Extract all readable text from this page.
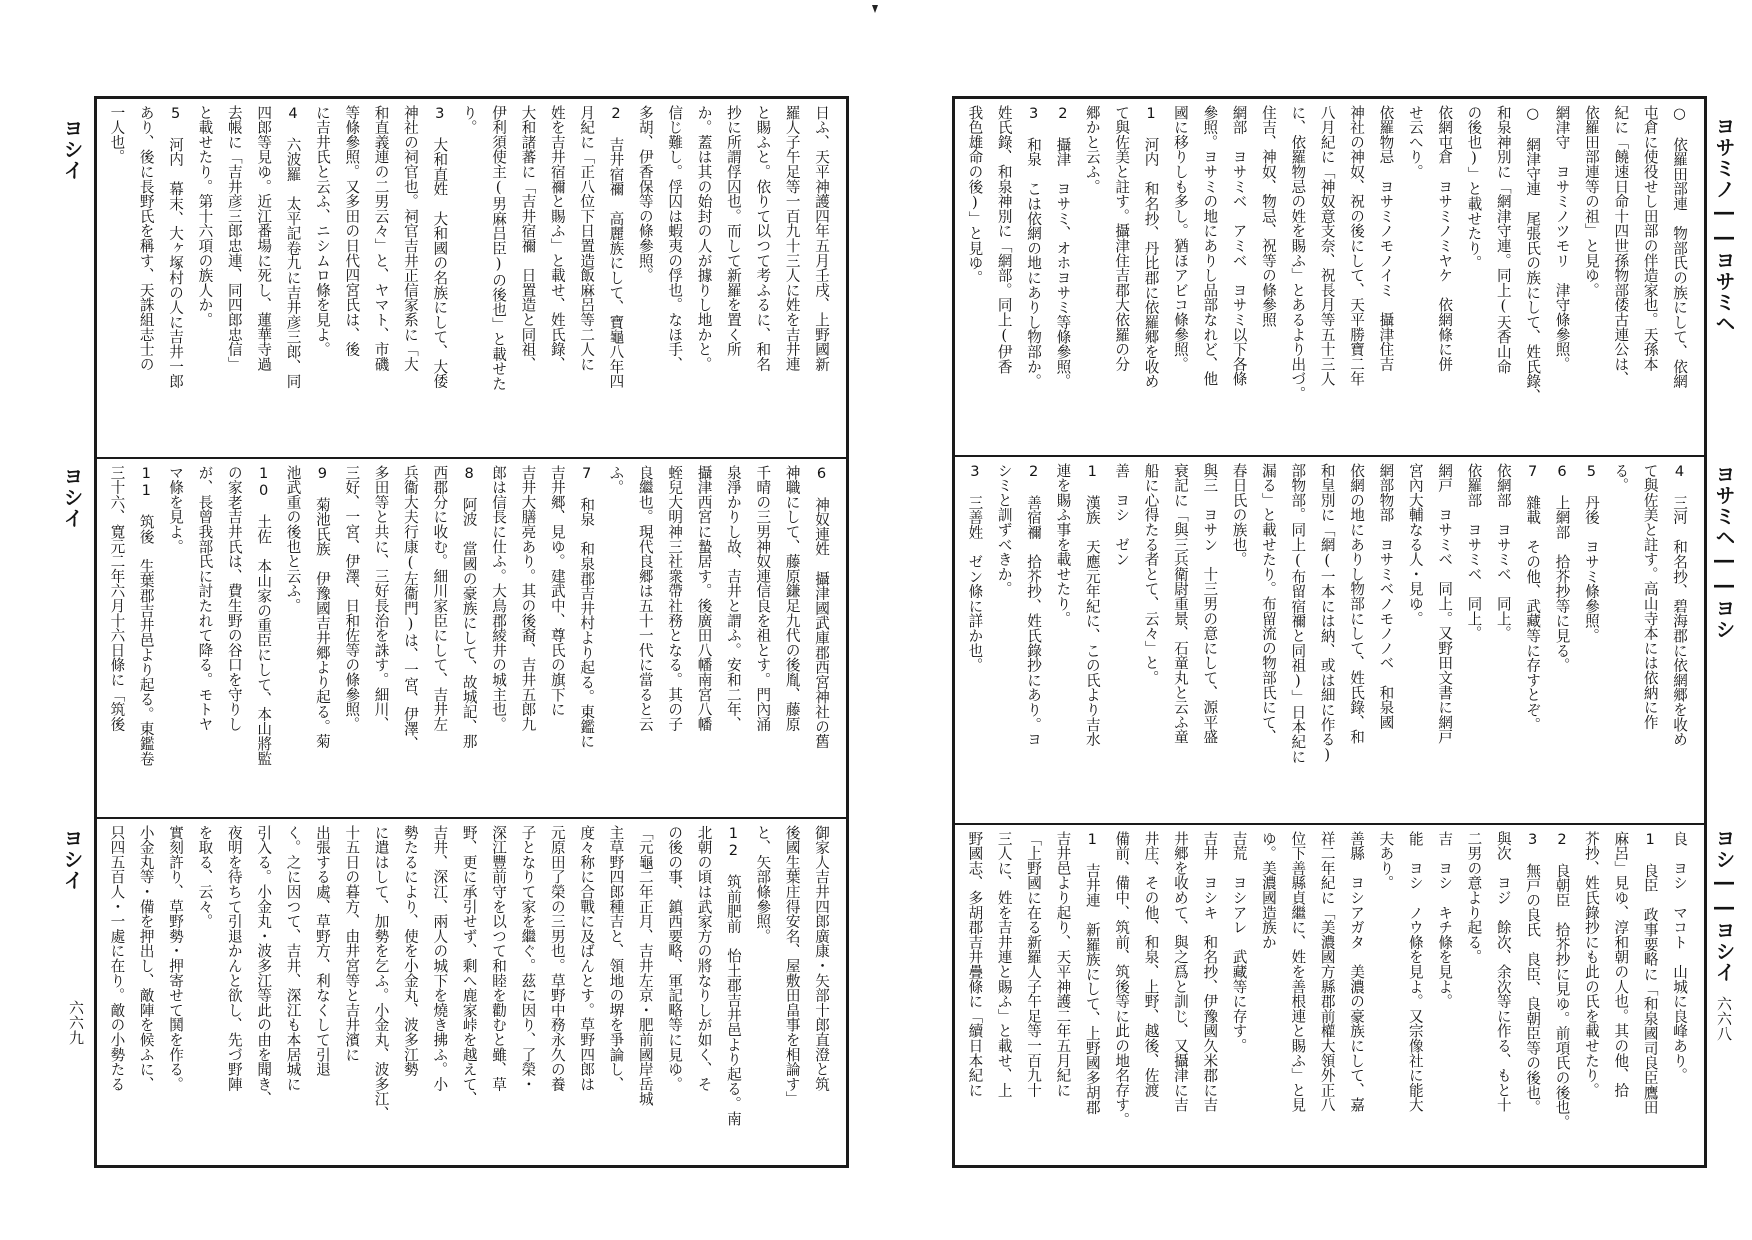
ヨシイ
ヨシイ
ヨシイ
六六九
日ふ、天平神護四年五月壬戌、上野國新
羅人子午足等一百九十三人に姓を吉井連
と賜ふと。依りて以つて考ふるに、和名
抄に所謂俘囚也。而して新羅を置く所
か。蓋は其の始封の人が據りし地かと。
信じ難し。俘囚は蝦夷の俘也。なほ手、
多胡、伊香保等の條參照。
2　吉井宿禰　高麗族にして、寶龜八年四
月紀に「正八位下日置造飯麻呂等二人に
姓を吉井宿禰と賜ふ」と載せ、姓氏錄、
大和諸蕃に「吉井宿禰　日置造と同祖、
伊利須使主(男麻吕臣)の後也」と載せた
り。
3　大和直姓　大和國の名族にして、大倭
神社の祠官也。祠官吉井正信家系に「大
和直義連の二男云々」と、ヤマト、市磯
等條參照。又多田の日代四宮氏は、後
に吉井氏と云ふ、ニシムロ條を見よ。
4　六波羅　太平記卷九に吉井彦三郎、同
四郎等見ゆ。近江番場に死し、蓮華寺過
去帳に「吉井彦三郎忠連、同四郎忠信」
と載せたり。第十六項の族人か。
5　河内　幕末、大ヶ塚村の人に吉井一郎
あり、後に長野氏を稱す、天誅組志士の
一人也。
6　神奴連姓　攝津國武庫郡西宮神社の舊
神職にして、藤原鎌足九代の後胤、藤原
千晴の三男神奴連信良を祖とす。門內涌
泉淨かりし故、吉井と謂ふ。安和二年、
攝津西宮に蟄居す。後廣田八幡南宮八幡
蛭兒大明神三社衆帶社務となる。其の子
良繼也。現代良郷は五十一代に當ると云
ふ。
7　和泉　和泉郡吉井村より起る。東鑑に
吉井郷、見ゆ。建武中、尊氏の旗下に
吉井大膳亮あり。其の後裔、吉井五郎九
郎は信長に仕ふ。大鳥郡綾井の城主也。
8　阿波　當國の豪族にして、故城記、那
西郡分に收む。細川家臣にして、吉井左
兵衞大夫行康(左衞門)は、一宮、伊澤、
多田等と共に、三好長治を誅す。細川、
三好、一宮、伊澤、日和佐等の條參照。
9　菊池氏族　伊豫國吉井郷より起る。菊
池武重の後也と云ふ。
10　土佐　本山家の重臣にして、本山將監
の家老吉井氏は、費生野の谷口を守りし
が、長曾我部氏に討たれて降る。モトヤ
マ條を見よ。
11　筑後　生葉郡吉井邑より起る。東鑑卷
三十六、寛元二年六月十六日條に「筑後
御家人吉井四郎廣康・矢部十郎直澄と筑
後國生葉庄得安名、屋敷田畠事を相論す」
と、矢部條參照。
12　筑前肥前　怡土郡吉井邑より起る。南
北朝の頃は武家方の將なりしが如く、そ
の後の事、鎮西要略、軍記略等に見ゆ。
「元龜二年正月、吉井左京・肥前國岸岳城
主草野四郎種吉と、領地の堺を爭論し、
度々称に合戰に及ばんとす。草野四郎は
元原田了榮の三男也。草野中務永久の養
子となりて家を繼ぐ。茲に因り、了榮・
深江豐前守を以つて和睦を勸むと雖、草
野、更に承引せず、剩へ鹿家峠を越えて、
吉井、深江、兩人の城下を燒き拂ふ。小
勢たるにより、使を小金丸、波多江勢
に遣はして、加勢を乞ふ。小金丸、波多江、
十五日の暮方、由井宮等と吉井濱に
出張する處、草野方、利なくして引退
く。之に因つて、吉井、深江も本居城に
引入る。小金丸・波多江等此の由を聞き、
夜明を待ちて引退かんと欲し、先づ野陣
を取る、云々。
實刻許り、草野勢・押寄せて鬨を作る。
小金丸等・備を押出し、敵陣を候ふに、
只四五百人・一處に在り。敵の小勢たる
ヨサミノ――ヨサミヘ
ヨサミヘ――ヨシ
ヨシ――ヨシイ
六六八
○　依羅田部連　物部氏の族にして、依網
屯倉に使役せし田部の伴造家也。天孫本
紀に「饒速日命十四世孫物部倭古連公は、
依羅田部連等の祖」と見ゆ。
網津守　ヨサミノツモリ　津守條參照。
○　網津守連　尾張氏の族にして、姓氏錄、
和泉神別に「網津守連。同上(天香山命
の後也)」と載せたり。
依網屯倉　ヨサミノミヤケ　依網條に併
せ云へり。
依羅物忌　ヨサミノモノイミ　攝津住吉
神社の神奴、祝の後にして、天平勝寶二年
八月紀に「神奴意支奈、祝長月等五十三人
に、依羅物忌の姓を賜ふ」とあるより出づ。
住吉、神奴、物忌、祝等の條參照
網部　ヨサミベ　アミベ　ヨサミ以下各條
參照。ヨサミの地にありし品部なれど、他
國に移りしも多し。猶ほアビコ條參照。
1　河内　和名抄、丹比郡に依羅郷を收め
て與佐美と註す。攝津住吉郡大依羅の分
郷かと云ふ。
2　攝津　ヨサミ、オホヨサミ等條參照。
3　和泉　こは依網の地にありし物部か。
姓氏錄、和泉神別に「網部。同上(伊香
我色雄命の後)」と見ゆ。
4　三河　和名抄、碧海郡に依網郷を收め
て與佐美と註す。高山寺本には依納に作
る。
5　丹後　ヨサミ條參照。
6　上網部　拾芥抄等に見る。
7　雜載　その他、武藏等に存すとぞ。
依網部　ヨサミベ　同上。
依羅部　ヨサミベ　同上。
網戸　ヨサミベ　同上。又野田文書に網戸
宮內大輔なる人・見ゆ。
網部物部　ヨサミベノモノノベ　和泉國
依網の地にありし物部にして、姓氏錄、和
和皇別に「網(一本には納、或は細に作る)
部物部。同上(布留宿禰と同祖)」日本紀に
漏る」と載せたり。布留流の物部氏にて、
春日氏の族也。
與三　ヨサン　十三男の意にして、源平盛
衰記に「與三兵衛尉重景、石童丸と云ふ童
船に心得たる者とて、云々」と。
善　ヨシ　ゼン
1　漢族　天應元年紀に、この氏より吉水
連を賜ふ事を載せたり。
2　善宿禰　拾芥抄、姓氏錄抄にあり。ヨ
シミと訓ずべきか。
3　三善姓　ゼン條に詳か也。
良　ヨシ　マコト　山城に良峰あり。
1　良臣　政事要略に「和泉國司良臣鷹田
麻呂」見ゆ、淳和朝の人也。其の他、拾
芥抄、姓氏錄抄にも此の氏を載せたり。
2　良朝臣　拾芥抄に見ゆ。前項氏の後也。
3　無戸の良氏　良臣、良朝臣等の後也。
與次　ヨジ　餘次、余次等に作る、もと十
二男の意より起る。
吉　ヨシ　キチ條を見よ。
能　ヨシ　ノウ條を見よ。又宗像社に能大
夫あり。
善縣　ヨシアガタ　美濃の豪族にして、嘉
祥二年紀に「美濃國方縣郡前權大領外正八
位下善縣貞繼に、姓を善根連と賜ふ」と見
ゆ。美濃國造族か
吉荒　ヨシアレ　武藏等に存す。
吉井　ヨシキ　和名抄、伊豫國久米郡に吉
井郷を收めて、與之爲と訓じ、又攝津に吉
井庄、その他、和泉、上野、越後、佐渡
備前、備中、筑前、筑後等に此の地名存す。
1　吉井連　新羅族にして、上野國多胡郡
吉井邑より起り、天平神護二年五月紀に
「上野國に在る新羅人子午足等一百九十
三人に、姓を吉井連と賜ふ」と載せ、上
野國志、多胡郡吉井疊條に「續日本紀に
